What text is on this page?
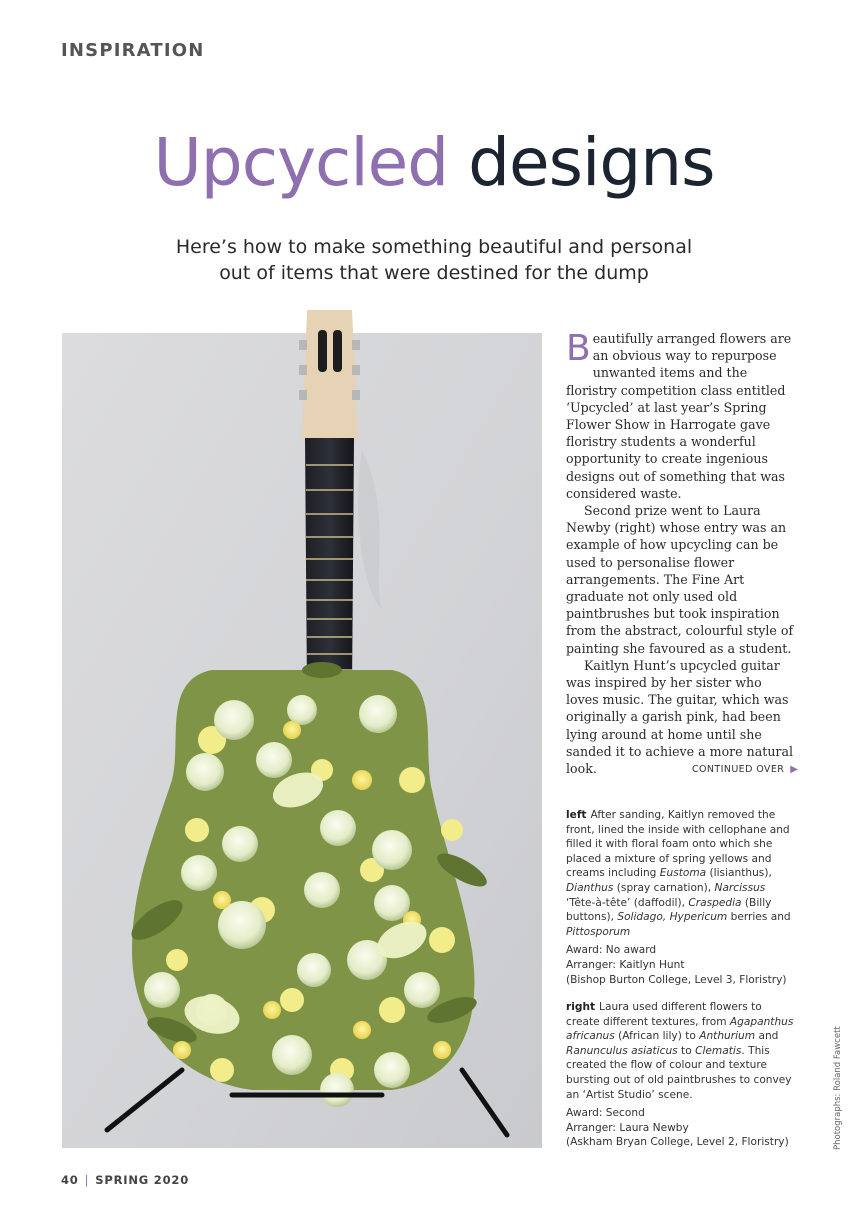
INSPIRATION
Upcycled designs
Here’s how to make something beautiful and personal
out of items that were destined for the dump

Beautifully arranged flowers are an obvious way to repurpose unwanted items and the floristry competition class entitled ‘Upcycled’ at last year’s Spring Flower Show in Harrogate gave floristry students a wonderful opportunity to create ingenious designs out of something that was considered waste.

Second prize went to Laura Newby (right) whose entry was an example of how upcycling can be used to personalise flower arrangements. The Fine Art graduate not only used old paintbrushes but took inspiration from the abstract, colourful style of painting she favoured as a student.

Kaitlyn Hunt’s upcycled guitar was inspired by her sister who loves music. The guitar, which was originally a garish pink, had been lying around at home until she sanded it to achieve a more natural look.	CONTINUED OVER ▶

left After sanding, Kaitlyn removed the front, lined the inside with cellophane and filled it with floral foam onto which she placed a mixture of spring yellows and creams including Eustoma (lisianthus), Dianthus (spray carnation), Narcissus ‘Tête-à-tête’ (daffodil), Craspedia (Billy buttons), Solidago, Hypericum berries and Pittosporum

Award: No award

Arranger: Kaitlyn Hunt

(Bishop Burton College, Level 3, Floristry)

right Laura used different flowers to create different textures, from Agapanthus africanus (African lily) to Anthurium and Ranunculus asiaticus to Clematis. This created the flow of colour and texture bursting out of old paintbrushes to convey an ‘Artist Studio’ scene.

Award: Second

Arranger: Laura Newby

(Askham Bryan College, Level 2, Floristry)	Photographs: Roland Fawcett
40 | SPRING 2020
